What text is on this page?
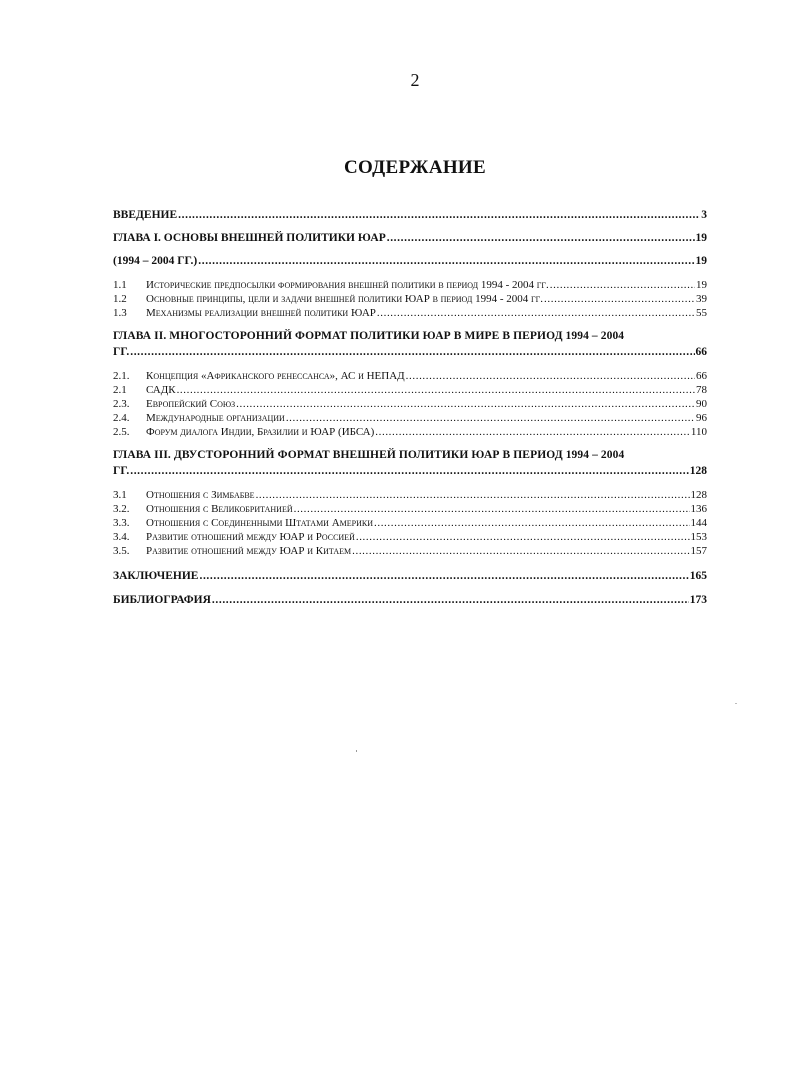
2
СОДЕРЖАНИЕ
ВВЕДЕНИЕ .....	3
ГЛАВА I. ОСНОВЫ ВНЕШНЕЙ ПОЛИТИКИ ЮАР .....	19
(1994 – 2004 ГГ.) .....	19
1.1 Исторические предпосылки формирования внешней политики в период 1994 - 2004 гг. .....	19
1.2 Основные принципы, цели и задачи внешней политики ЮАР в период 1994 - 2004 гг. .....	39
1.3 Механизмы реализации внешней политики ЮАР .....	55
ГЛАВА II. МНОГОСТОРОННИЙ ФОРМАТ ПОЛИТИКИ ЮАР В МИРЕ В ПЕРИОД 1994 – 2004
ГГ. .....	66
2.1. Концепция «Африканского ренессанса», АС и НЕПАД .....	66
2.1 САДК .....	78
2.3. Европейский Союз .....	90
2.4. Международные организации .....	96
2.5. Форум диалога Индии, Бразилии и ЮАР (ИБСА) .....	110
ГЛАВА III. ДВУСТОРОННИЙ ФОРМАТ ВНЕШНЕЙ ПОЛИТИКИ ЮАР В ПЕРИОД 1994 – 2004
ГГ. .....	128
3.1 Отношения с Зимбабве .....	128
3.2. Отношения с Великобританией .....	136
3.3. Отношения с Соединенными Штатами Америки .....	144
3.4. Развитие отношений между ЮАР и Россией .....	153
3.5. Развитие отношений между ЮАР и Китаем .....	157
ЗАКЛЮЧЕНИЕ .....	165
БИБЛИОГРАФИЯ .....	173
